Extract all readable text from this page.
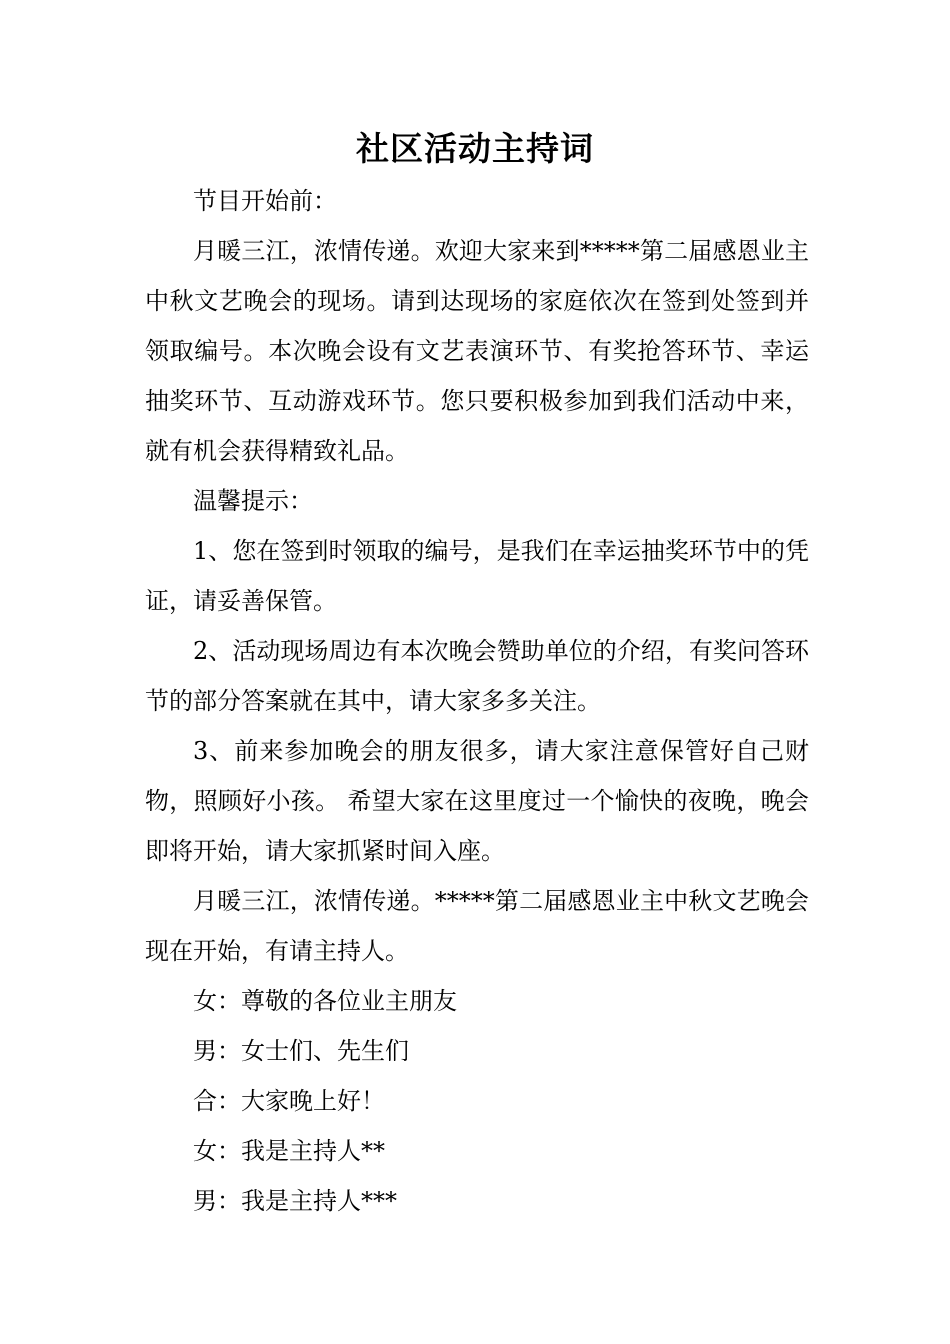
社区活动主持词

节目开始前：

月暖三江，浓情传递。欢迎大家来到*****第二届感恩业主中秋文艺晚会的现场。请到达现场的家庭依次在签到处签到并领取编号。本次晚会设有文艺表演环节、有奖抢答环节、幸运抽奖环节、互动游戏环节。您只要积极参加到我们活动中来，就有机会获得精致礼品。

温馨提示：

1、您在签到时领取的编号，是我们在幸运抽奖环节中的凭证，请妥善保管。

2、活动现场周边有本次晚会赞助单位的介绍，有奖问答环节的部分答案就在其中，请大家多多关注。

3、前来参加晚会的朋友很多，请大家注意保管好自己财物，照顾好小孩。 希望大家在这里度过一个愉快的夜晚，晚会即将开始，请大家抓紧时间入座。

月暖三江，浓情传递。*****第二届感恩业主中秋文艺晚会现在开始，有请主持人。

女：尊敬的各位业主朋友

男：女士们、先生们

合：大家晚上好！

女：我是主持人**

男：我是主持人***
